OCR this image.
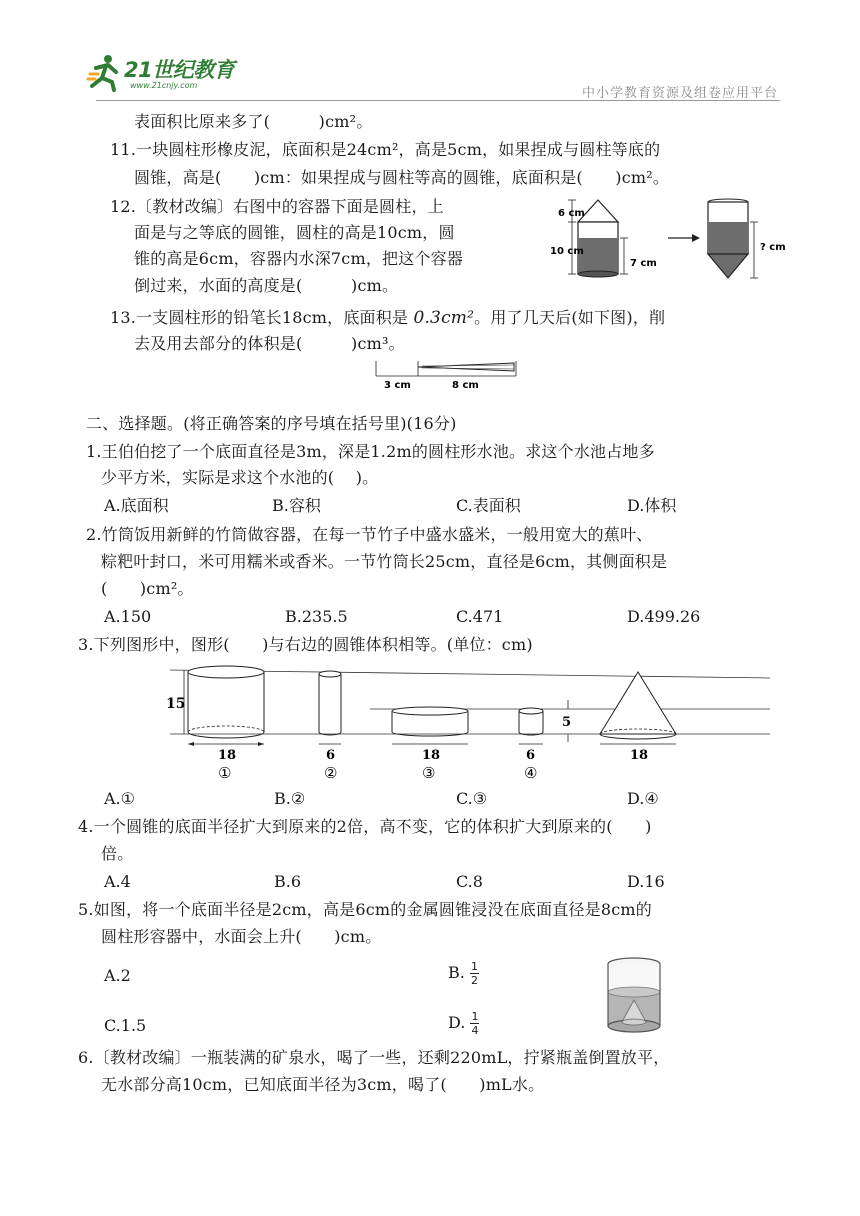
21世纪教育
www.21cnjy.com
中小学教育资源及组卷应用平台
表面积比原来多了(　　　)cm²。
11.一块圆柱形橡皮泥，底面积是24cm²，高是5cm，如果捏成与圆柱等底的
圆锥，高是(　　)cm：如果捏成与圆柱等高的圆锥，底面积是(　　)cm²。
12.〔教材改编〕右图中的容器下面是圆柱，上
面是与之等底的圆锥，圆柱的高是10cm，圆
锥的高是6cm，容器内水深7cm，把这个容器
倒过来，水面的高度是(　　　)cm。
6 cm
10 cm
7 cm
? cm
13.一支圆柱形的铅笔长18cm，底面积是 0.3cm²。用了几天后(如下图)，削
去及用去部分的体积是(　　　)cm³。
3 cm	8 cm
二、选择题。(将正确答案的序号填在括号里)(16分)
1.王伯伯挖了一个底面直径是3m，深是1.2m的圆柱形水池。求这个水池占地多
少平方米，实际是求这个水池的(　 )。
A.底面积	B.容积	C.表面积	D.体积
2.竹筒饭用新鲜的竹筒做容器，在每一节竹子中盛水盛米，一般用宽大的蕉叶、
粽粑叶封口，米可用糯米或香米。一节竹筒长25cm，直径是6cm，其侧面积是
(　　)cm²。
A.150	B.235.5	C.471	D.499.26
3.下列图形中，图形(　　)与右边的圆锥体积相等。(单位：cm)
15
18
①
6
②
18
③
6
④
5
18
A.①	B.②	C.③	D.④
4.一个圆锥的底面半径扩大到原来的2倍，高不变，它的体积扩大到原来的(　　)
倍。
A.4	B.6	C.8	D.16
5.如图，将一个底面半径是2cm，高是6cm的金属圆锥浸没在底面直径是8cm的
圆柱形容器中，水面会上升(　　)cm。
A.2	B. $\frac{1}{2}$
C.1.5	D. $\frac{1}{4}$
6.〔教材改编〕一瓶装满的矿泉水，喝了一些，还剩220mL，拧紧瓶盖倒置放平，
无水部分高10cm，已知底面半径为3cm，喝了(　　)mL水。
